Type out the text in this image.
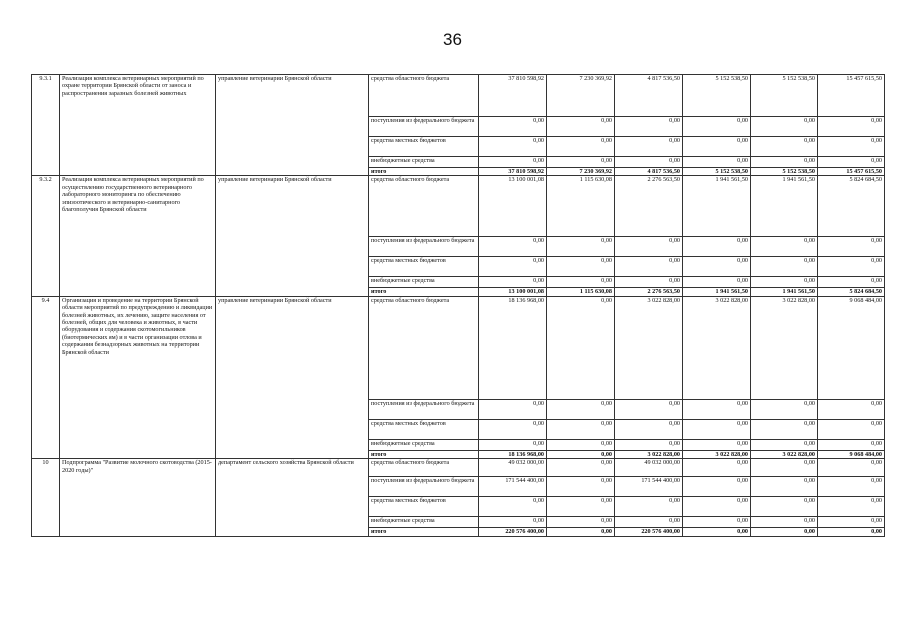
36
9.3.1	Реализация комплекса ветеринарных мероприятий по охране территории Брянской области от заноса и распространения заразных болезней животных	управление ветеринарии Брянской области	средства областного бюджета	37 810 598,92	7 230 369,92	4 817 536,50	5 152 538,50	5 152 538,50	15 457 615,50
			поступления из федерального бюджета	0,00	0,00	0,00	0,00	0,00	0,00
			средства местных бюджетов	0,00	0,00	0,00	0,00	0,00	0,00
			внебюджетные средства	0,00	0,00	0,00	0,00	0,00	0,00
			итого	37 810 598,92	7 230 369,92	4 817 536,50	5 152 538,50	5 152 538,50	15 457 615,50
9.3.2	Реализация комплекса ветеринарных мероприятий по осуществлению государственного ветеринарного лабораторного мониторинга по обеспечению эпизоотического и ветеринарно-санитарного благополучия Брянской области	управление ветеринарии Брянской области	средства областного бюджета	13 100 001,08	1 115 630,08	2 276 563,50	1 941 561,50	1 941 561,50	5 824 684,50
			поступления из федерального бюджета	0,00	0,00	0,00	0,00	0,00	0,00
			средства местных бюджетов	0,00	0,00	0,00	0,00	0,00	0,00
			внебюджетные средства	0,00	0,00	0,00	0,00	0,00	0,00
			итого	13 100 001,08	1 115 630,08	2 276 563,50	1 941 561,50	1 941 561,50	5 824 684,50
9.4	Организация и проведение на территории Брянской области мероприятий по предупреждению и ликвидации болезней животных, их лечению, защите населения от болезней, общих для человека и животных, в части оборудования и содержания скотомогильников (биотермических ям) и в части организации отлова и содержания безнадзорных животных на территории Брянской области	управление ветеринарии Брянской области	средства областного бюджета	18 136 968,00	0,00	3 022 828,00	3 022 828,00	3 022 828,00	9 068 484,00
			поступления из федерального бюджета	0,00	0,00	0,00	0,00	0,00	0,00
			средства местных бюджетов	0,00	0,00	0,00	0,00	0,00	0,00
			внебюджетные средства	0,00	0,00	0,00	0,00	0,00	0,00
			итого	18 136 968,00	0,00	3 022 828,00	3 022 828,00	3 022 828,00	9 068 484,00
10	Подпрограмма "Развитие молочного скотоводства (2015-2020 годы)"	департамент сельского хозяйства Брянской области	средства областного бюджета	49 032 000,00	0,00	49 032 000,00	0,00	0,00	0,00
			поступления из федерального бюджета	171 544 400,00	0,00	171 544 400,00	0,00	0,00	0,00
			средства местных бюджетов	0,00	0,00	0,00	0,00	0,00	0,00
			внебюджетные средства	0,00	0,00	0,00	0,00	0,00	0,00
			итого	220 576 400,00	0,00	220 576 400,00	0,00	0,00	0,00
